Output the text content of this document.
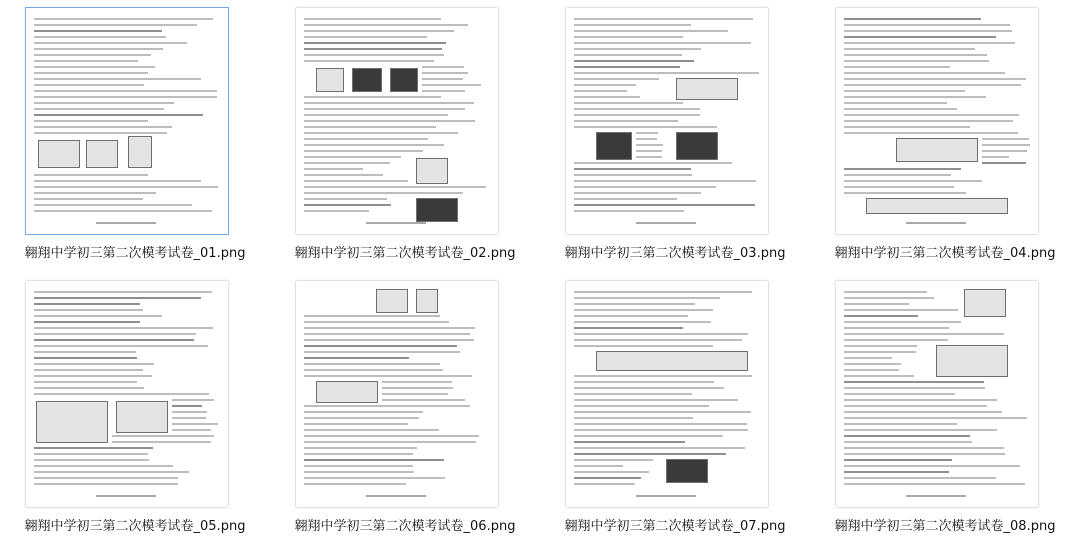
翱翔中学初三第二次模考试卷_01.png	翱翔中学初三第二次模考试卷_02.png	翱翔中学初三第二次模考试卷_03.png	翱翔中学初三第二次模考试卷_04.png
翱翔中学初三第二次模考试卷_05.png	翱翔中学初三第二次模考试卷_06.png	翱翔中学初三第二次模考试卷_07.png	翱翔中学初三第二次模考试卷_08.png
